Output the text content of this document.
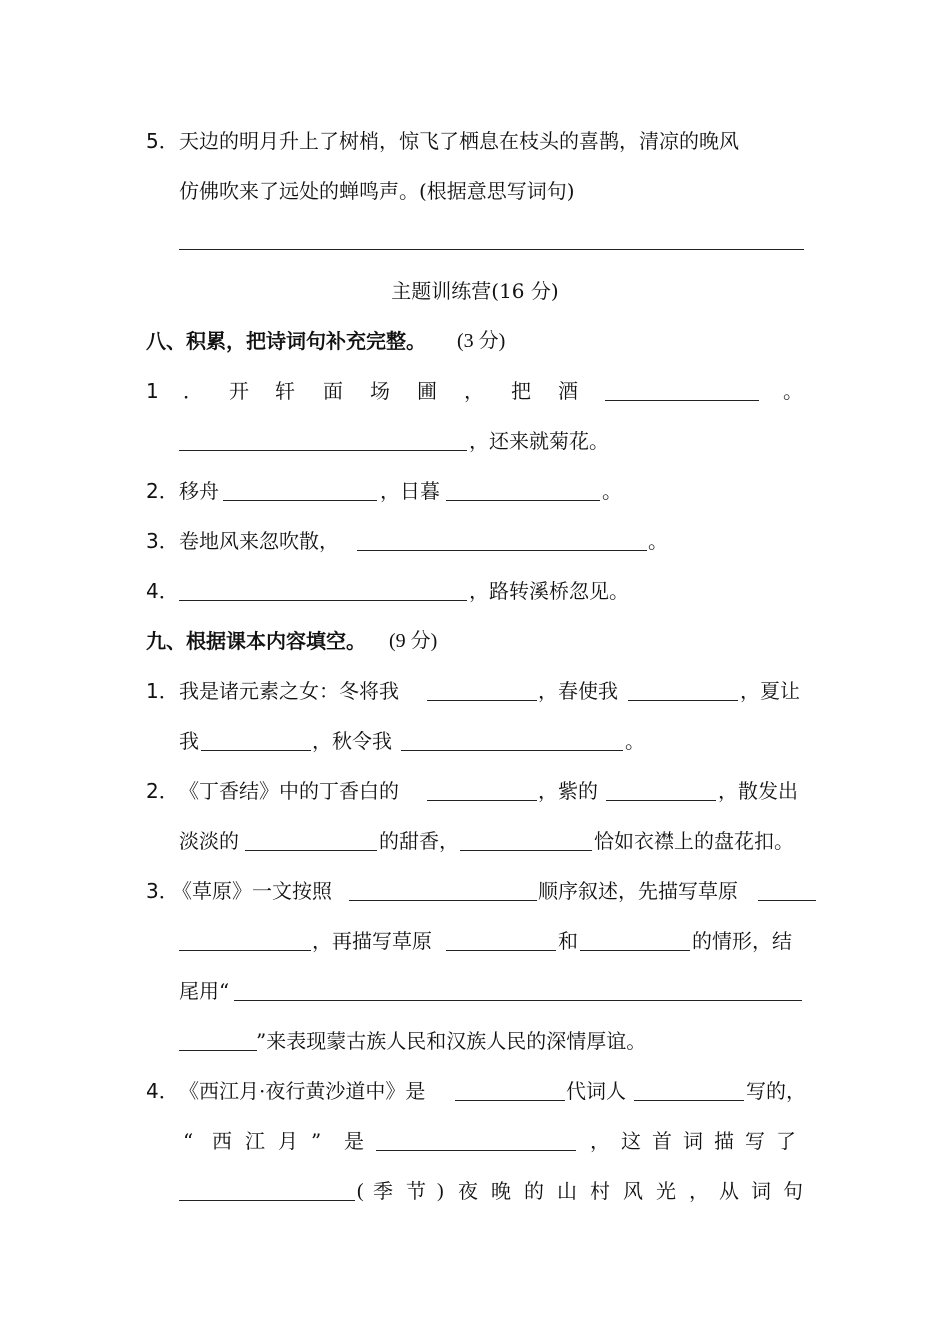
5． 天边的明月升上了树梢，惊飞了栖息在枝头的喜鹊，清凉的晚风
仿佛吹来了远处的蝉鸣声。(根据意思写词句)
主题训练营(16 分)
八、积累，把诗词句补充完整。 (3 分)
1 ． 开 轩 面 场 圃 ， 把 酒	。
，还来就菊花。
2． 移舟	，日暮	。
3． 卷地风来忽吹散，	。
4．	，路转溪桥忽见。
九、根据课本内容填空。 (9 分)
1． 我是诸元素之女：冬将我	，春使我	，夏让
我	，秋令我	。
2． 《丁香结》中的丁香白的	，紫的	，散发出
淡淡的	的甜香，	恰如衣襟上的盘花扣。
3．
《草原》一文按照	顺序叙述，先描写草原
，再描写草原	和	的情形，结
尾用“
”来表现蒙古族人民和汉族人民的深情厚谊。
4． 《西江月·夜行黄沙道中》是	代词人	写的，
“ 西 江 月 ” 是	， 这 首 词 描 写 了
( 季 节 ) 夜 晚 的 山 村 风 光 ， 从 词 句
